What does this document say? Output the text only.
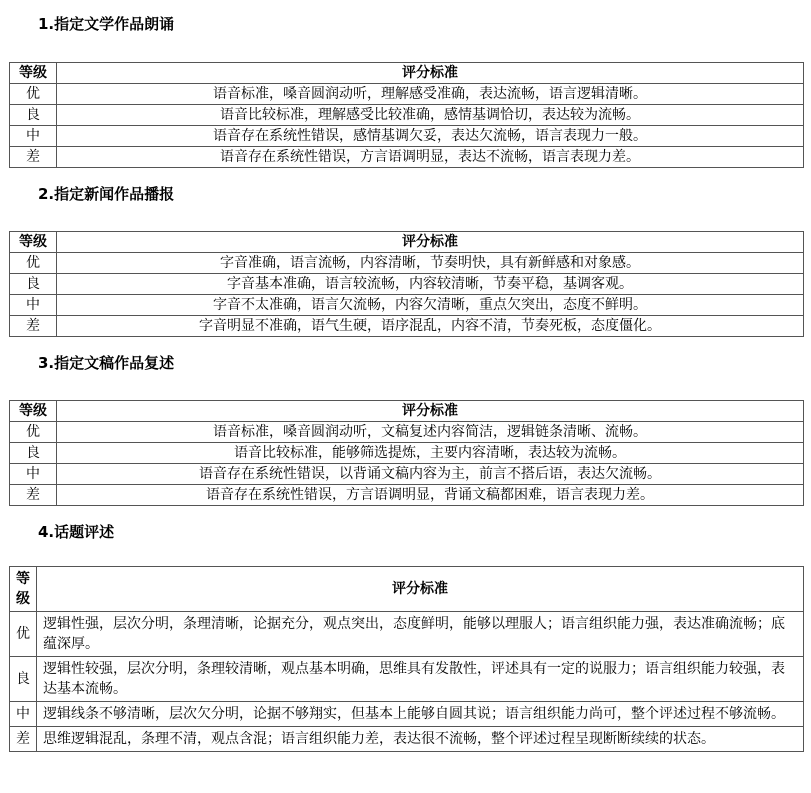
1.指定文学作品朗诵
等级	评分标准
优	语音标准，嗓音圆润动听，理解感受准确，表达流畅，语言逻辑清晰。
良	语音比较标准，理解感受比较准确，感情基调恰切，表达较为流畅。
中	语音存在系统性错误，感情基调欠妥，表达欠流畅，语言表现力一般。
差	语音存在系统性错误，方言语调明显，表达不流畅，语言表现力差。
2.指定新闻作品播报
等级	评分标准
优	字音准确，语言流畅，内容清晰，节奏明快，具有新鲜感和对象感。
良	字音基本准确，语言较流畅，内容较清晰，节奏平稳，基调客观。
中	字音不太准确，语言欠流畅，内容欠清晰，重点欠突出，态度不鲜明。
差	字音明显不准确，语气生硬，语序混乱，内容不清，节奏死板，态度僵化。
3.指定文稿作品复述
等级	评分标准
优	语音标准，嗓音圆润动听，文稿复述内容简洁，逻辑链条清晰、流畅。
良	语音比较标准，能够筛选提炼，主要内容清晰，表达较为流畅。
中	语音存在系统性错误，以背诵文稿内容为主，前言不搭后语，表达欠流畅。
差	语音存在系统性错误，方言语调明显，背诵文稿都困难，语言表现力差。
4.话题评述
等级	评分标准
优	逻辑性强，层次分明，条理清晰，论据充分，观点突出，态度鲜明，能够以理服人；语言组织能力强，表达准确流畅；底蕴深厚。
良	逻辑性较强，层次分明，条理较清晰，观点基本明确，思维具有发散性，评述具有一定的说服力；语言组织能力较强，表达基本流畅。
中	逻辑线条不够清晰，层次欠分明，论据不够翔实，但基本上能够自圆其说；语言组织能力尚可，整个评述过程不够流畅。
差	思维逻辑混乱，条理不清，观点含混；语言组织能力差，表达很不流畅，整个评述过程呈现断断续续的状态。
